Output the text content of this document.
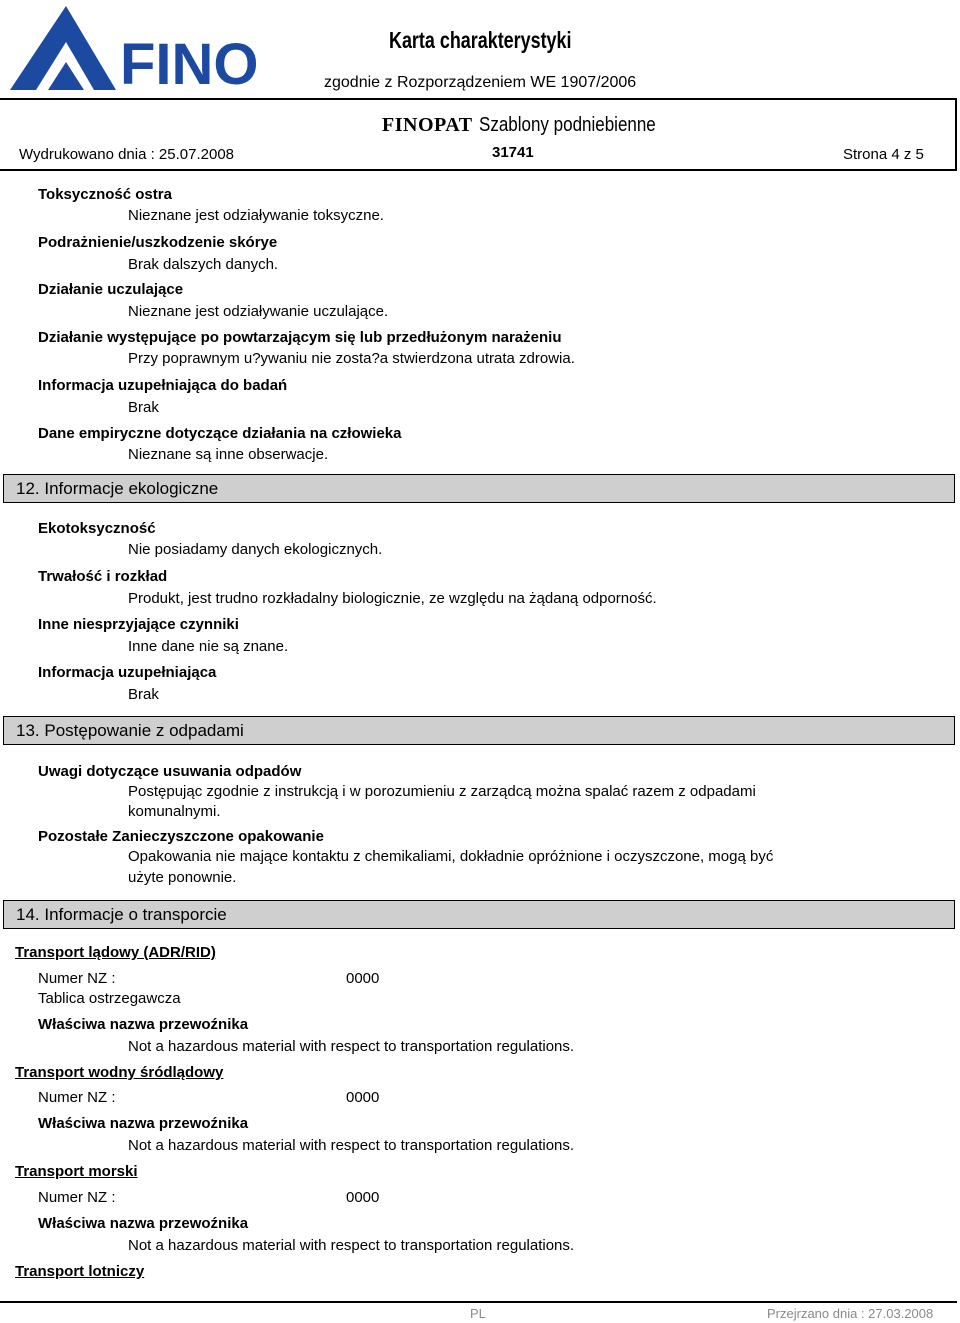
FINO	Karta charakterystyki
zgodnie z Rozporządzeniem WE 1907/2006
FINOPAT Szablony podniebienne
Wydrukowano dnia : 25.07.2008	31741	Strona 4 z 5
Toksyczność ostra
Nieznane jest odziaływanie toksyczne.
Podrażnienie/uszkodzenie skórye
Brak dalszych danych.
Działanie uczulające
Nieznane jest odziaływanie uczulające.
Działanie występujące po powtarzającym się lub przedłużonym narażeniu
Przy poprawnym u?ywaniu nie zosta?a stwierdzona utrata zdrowia.
Informacja uzupełniająca do badań
Brak
Dane empiryczne dotyczące działania na człowieka
Nieznane są inne obserwacje.
12. Informacje ekologiczne
Ekotoksyczność
Nie posiadamy danych ekologicznych.
Trwałość i rozkład
Produkt, jest trudno rozkładalny biologicznie, ze względu na żądaną odporność.
Inne niesprzyjające czynniki
Inne dane nie są znane.
Informacja uzupełniająca
Brak
13. Postępowanie z odpadami
Uwagi dotyczące usuwania odpadów
Postępując zgodnie z instrukcją i w porozumieniu z zarządcą można spalać razem z odpadami
komunalnymi.
Pozostałe Zanieczyszczone opakowanie
Opakowania nie mające kontaktu z chemikaliami, dokładnie opróżnione i oczyszczone, mogą być
użyte ponownie.
14. Informacje o transporcie
Transport lądowy (ADR/RID)
Numer NZ :	0000
Tablica ostrzegawcza
Właściwa nazwa przewoźnika
Not a hazardous material with respect to transportation regulations.
Transport wodny śródlądowy
Numer NZ :	0000
Właściwa nazwa przewoźnika
Not a hazardous material with respect to transportation regulations.
Transport morski
Numer NZ :	0000
Właściwa nazwa przewoźnika
Not a hazardous material with respect to transportation regulations.
Transport lotniczy
PL	Przejrzano dnia : 27.03.2008
